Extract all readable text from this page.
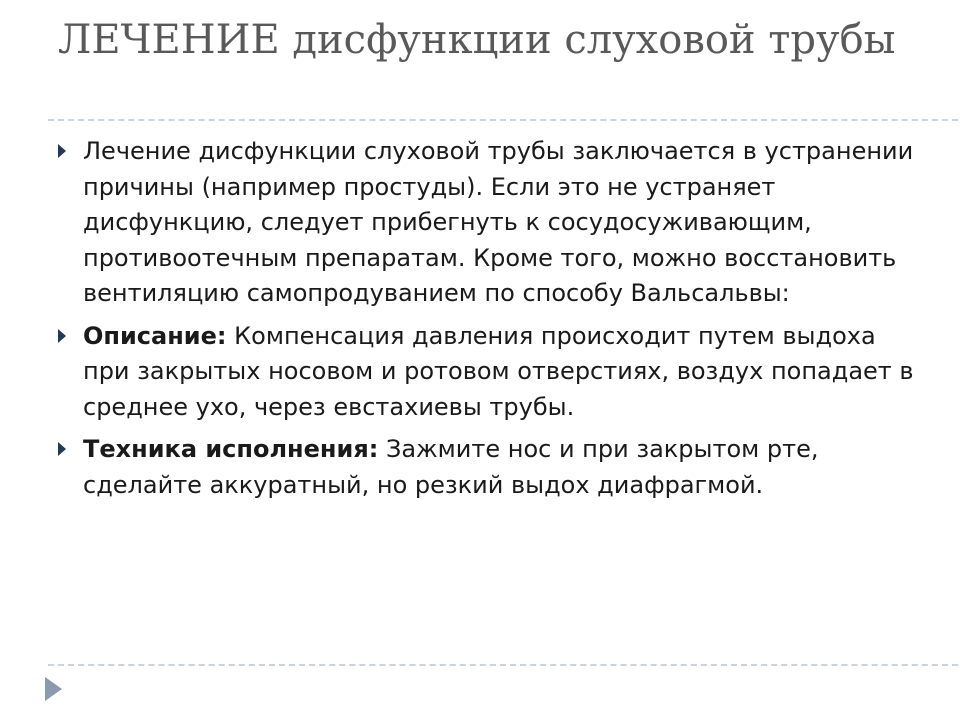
ЛЕЧЕНИЕ дисфункции слуховой трубы
Лечение дисфункции слуховой трубы заключается в устранении причины (например простуды). Если это не устраняет дисфункцию, следует прибегнуть к сосудосуживающим, противоотечным препаратам. Кроме того, можно восстановить вентиляцию самопродуванием по способу Вальсальвы:
Описание: Компенсация давления происходит путем выдоха при закрытых носовом и ротовом отверстиях, воздух попадает в среднее ухо, через евстахиевы трубы.
Техника исполнения: Зажмите нос и при закрытом рте, сделайте аккуратный, но резкий выдох диафрагмой.
